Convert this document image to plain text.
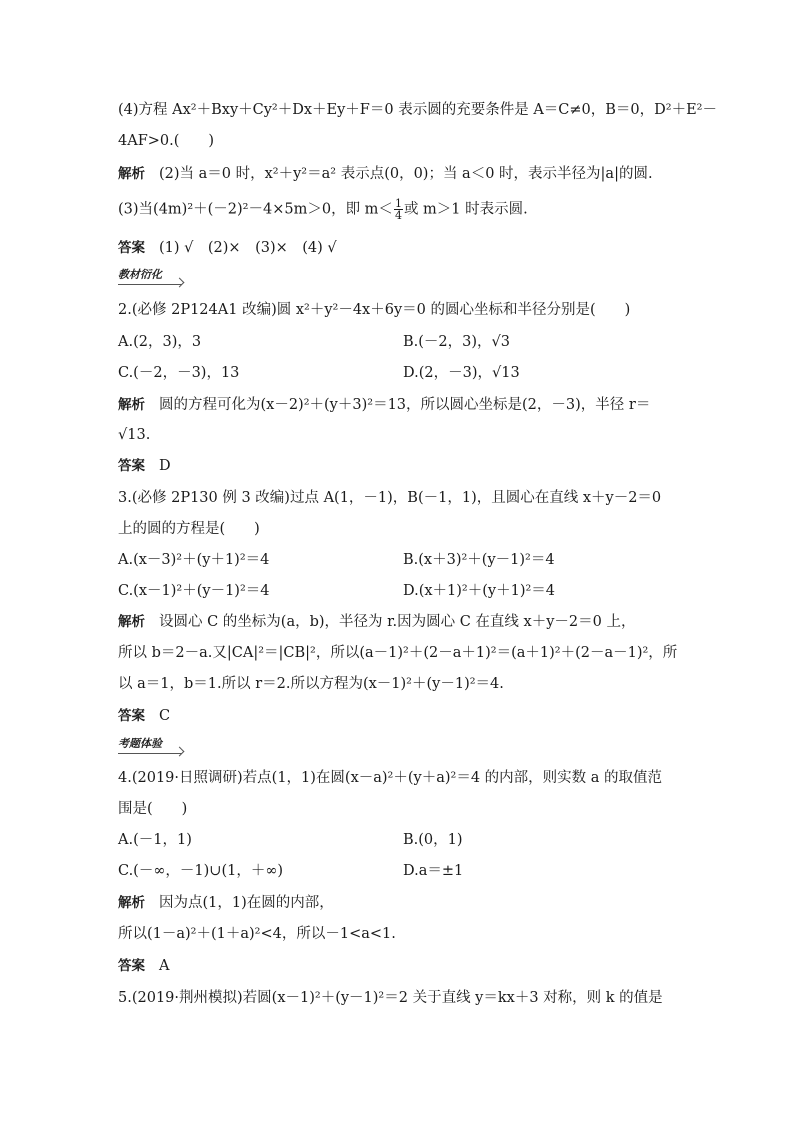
(4)方程 Ax²＋Bxy＋Cy²＋Dx＋Ey＋F＝0 表示圆的充要条件是 A＝C≠0，B＝0，D²＋E²－
4AF>0.(　　)
解析 (2)当 a＝0 时，x²＋y²＝a² 表示点(0，0)；当 a＜0 时，表示半径为|a|的圆.
(3)当(4m)²＋(－2)²－4×5m＞0，即 $m< \frac{1}{4}$ 或 m＞1 时表示圆.
答案 (1) √　(2)×　(3)×　(4) √
教材衍化
2.(必修 2P124A1 改编)圆 x²＋y²－4x＋6y＝0 的圆心坐标和半径分别是(　　)
A.(2，3)，3	B.(－2，3)，√3
C.(－2，－3)，13	D.(2，－3)，√13
解析 圆的方程可化为(x－2)²＋(y＋3)²＝13，所以圆心坐标是(2，－3)，半径 r＝
√13.
答案 D
3.(必修 2P130 例 3 改编)过点 A(1，－1)，B(－1，1)，且圆心在直线 x＋y－2＝0
上的圆的方程是(　　)
A.(x－3)²＋(y＋1)²＝4	B.(x＋3)²＋(y－1)²＝4
C.(x－1)²＋(y－1)²＝4	D.(x＋1)²＋(y＋1)²＝4
解析 设圆心 C 的坐标为(a，b)，半径为 r.因为圆心 C 在直线 x＋y－2＝0 上，
所以 b＝2－a.又|CA|²＝|CB|²，所以(a－1)²＋(2－a＋1)²＝(a＋1)²＋(2－a－1)²，所
以 a＝1，b＝1.所以 r＝2.所以方程为(x－1)²＋(y－1)²＝4.
答案 C
考题体验
4.(2019·日照调研)若点(1，1)在圆(x－a)²＋(y＋a)²＝4 的内部，则实数 a 的取值范
围是(　　)
A.(－1，1)	B.(0，1)
C.(－∞，－1)∪(1，＋∞)	D.a＝±1
解析 因为点(1，1)在圆的内部，
所以(1－a)²＋(1＋a)²<4，所以－1<a<1.
答案 A
5.(2019·荆州模拟)若圆(x－1)²＋(y－1)²＝2 关于直线 y＝kx＋3 对称，则 k 的值是
